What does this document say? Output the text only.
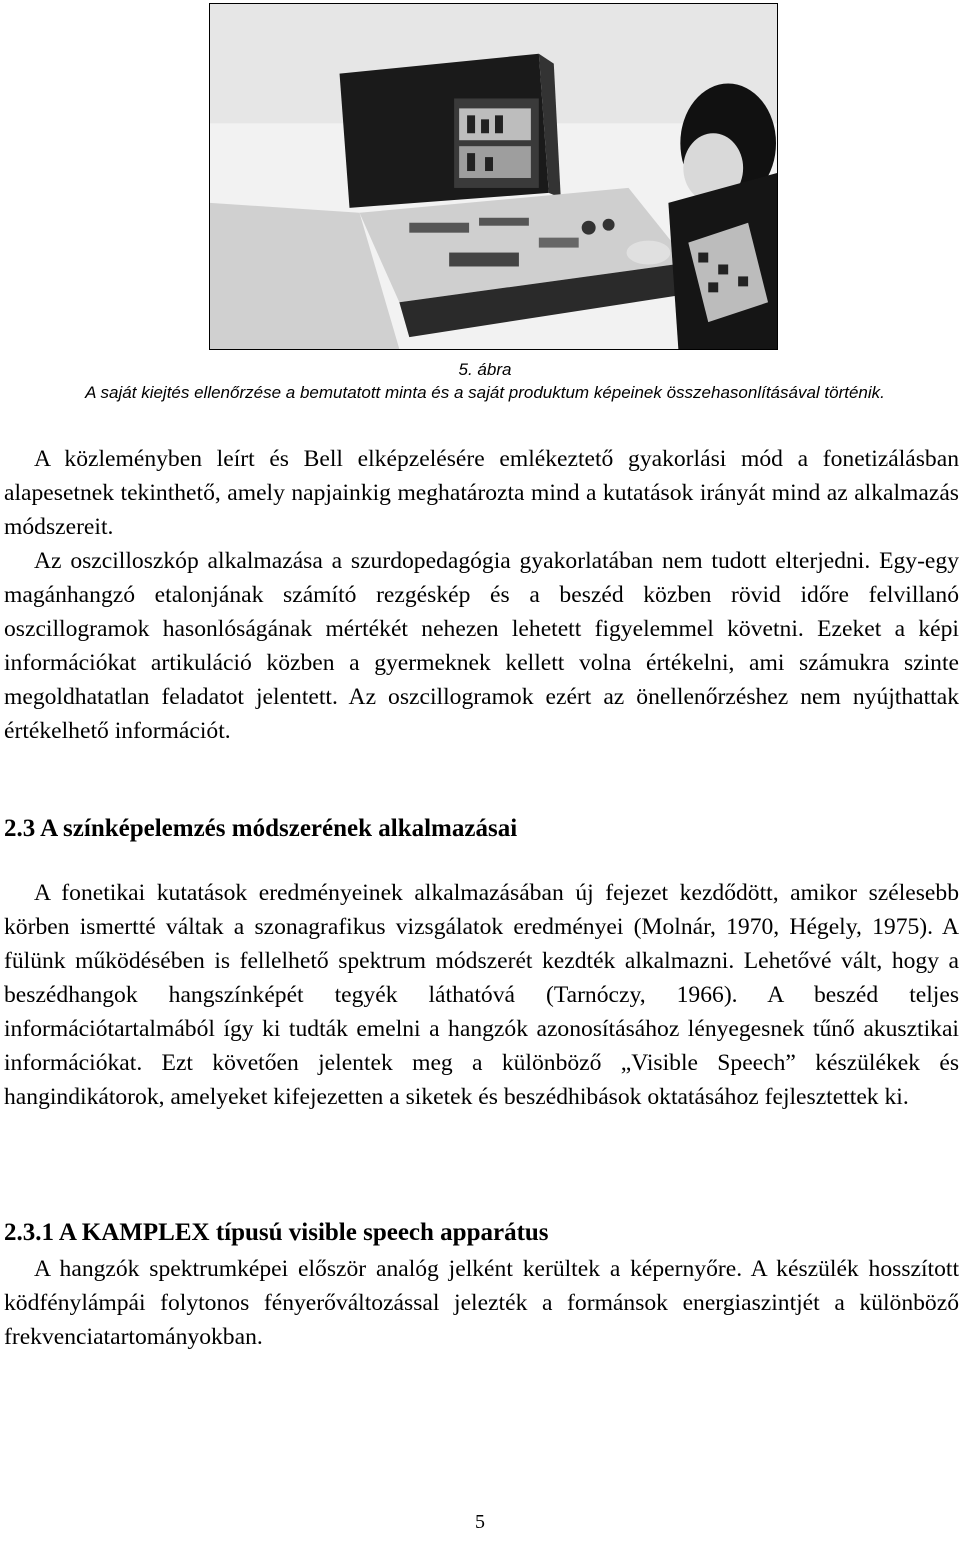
5. ábra
A saját kiejtés ellenőrzése a bemutatott minta és a saját produktum képeinek összehasonlításával történik.

A közleményben leírt és Bell elképzelésére emlékeztető gyakorlási mód a fonetizálásban alapesetnek tekinthető, amely napjainkig meghatározta mind a kutatások irányát mind az alkalmazás módszereit.

Az oszcilloszkóp alkalmazása a szurdopedagógia gyakorlatában nem tudott elterjedni. Egy-egy magánhangzó etalonjának számító rezgéskép és a beszéd közben rövid időre felvillanó oszcillogramok hasonlóságának mértékét nehezen lehetett figyelemmel követni. Ezeket a képi információkat artikuláció közben a gyermeknek kellett volna értékelni, ami számukra szinte megoldhatatlan feladatot jelentett. Az oszcillogramok ezért az önellenőrzéshez nem nyújthattak értékelhető információt.

2.3 A színképelemzés módszerének alkalmazásai

A fonetikai kutatások eredményeinek alkalmazásában új fejezet kezdődött, amikor szélesebb körben ismertté váltak a szonagrafikus vizsgálatok eredményei (Molnár, 1970, Hégely, 1975). A fülünk működésében is fellelhető spektrum módszerét kezdték alkalmazni. Lehetővé vált, hogy a beszédhangok hangszínképét tegyék láthatóvá (Tarnóczy, 1966). A beszéd teljes információtartalmából így ki tudták emelni a hangzók azonosításához lényegesnek tűnő akusztikai információkat. Ezt követően jelentek meg a különböző „Visible Speech” készülékek és hangindikátorok, amelyeket kifejezetten a siketek és beszédhibások oktatásához fejlesztettek ki.

2.3.1 A KAMPLEX típusú visible speech apparátus

A hangzók spektrumképei először analóg jelként kerültek a képernyőre. A készülék hosszított ködfénylámpái folytonos fényerőváltozással jelezték a formánsok energiaszintjét a különböző frekvenciatartományokban.

5
